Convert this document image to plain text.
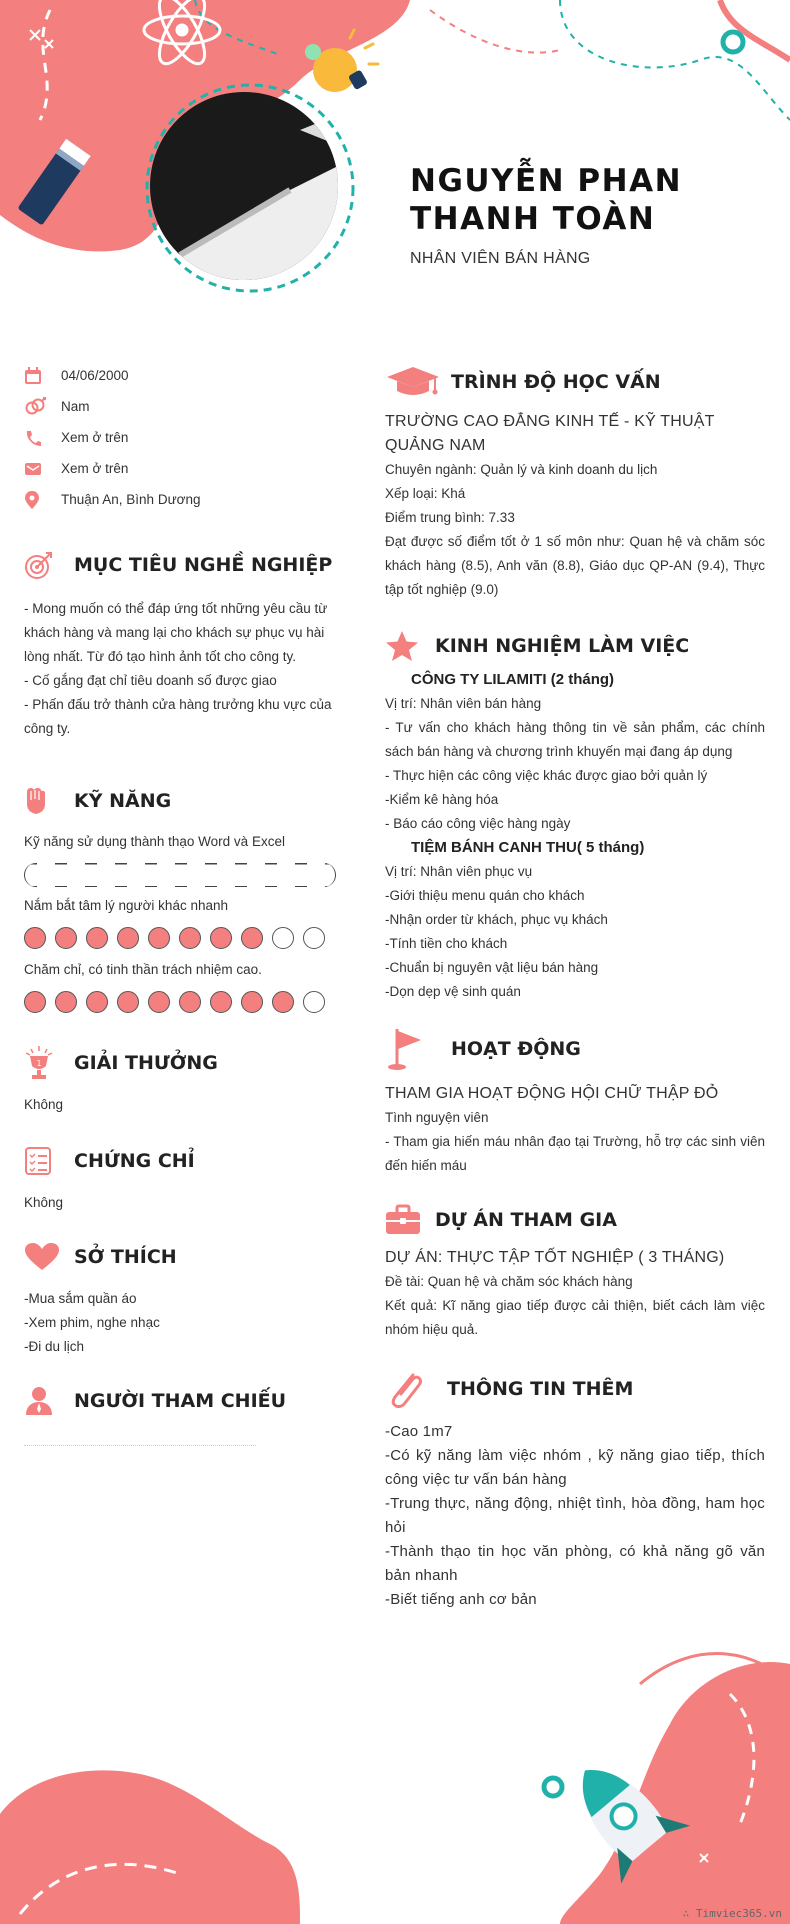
NGUYỄN PHAN
THANH TOÀN
NHÂN VIÊN BÁN HÀNG
04/06/2000
Nam
Xem ở trên
Xem ở trên
Thuận An, Bình Dương
MỤC TIÊU NGHỀ NGHIỆP
- Mong muốn có thể đáp ứng tốt những yêu cầu từ khách hàng và mang lại cho khách sự phục vụ hài lòng nhất. Từ đó tạo hình ảnh tốt cho công ty.
- Cố gắng đạt chỉ tiêu doanh số được giao
- Phấn đấu trở thành cửa hàng trưởng khu vực của công ty.
KỸ NĂNG
Kỹ năng sử dụng thành thạo Word và Excel
Nắm bắt tâm lý người khác nhanh
Chăm chỉ, có tinh thần trách nhiệm cao.
1 GIẢI THƯỞNG
Không
CHỨNG CHỈ
Không
SỞ THÍCH
-Mua sắm quần áo
-Xem phim, nghe nhạc
-Đi du lịch
NGƯỜI THAM CHIẾU
TRÌNH ĐỘ HỌC VẤN
TRƯỜNG CAO ĐẲNG KINH TẾ - KỸ THUẬT QUẢNG NAM
Chuyên ngành: Quản lý và kinh doanh du lịch
Xếp loại: Khá
Điểm trung bình: 7.33
Đạt được số điểm tốt ở 1 số môn như: Quan hệ và chăm sóc khách hàng (8.5), Anh văn (8.8), Giáo dục QP-AN (9.4), Thực tập tốt nghiệp (9.0)
KINH NGHIỆM LÀM VIỆC
CÔNG TY LILAMITI (2 tháng)
Vị trí: Nhân viên bán hàng
- Tư vấn cho khách hàng thông tin về sản phẩm, các chính sách bán hàng và chương trình khuyến mại đang áp dụng
- Thực hiện các công việc khác được giao bởi quản lý
-Kiểm kê hàng hóa
- Báo cáo công việc hàng ngày
TIỆM BÁNH CANH THU( 5 tháng)
Vị trí: Nhân viên phục vụ
-Giới thiệu menu quán cho khách
-Nhận order từ khách, phục vụ khách
-Tính tiền cho khách
-Chuẩn bị nguyên vật liệu bán hàng
-Dọn dẹp vệ sinh quán
HOẠT ĐỘNG
THAM GIA HOẠT ĐỘNG HỘI CHỮ THẬP ĐỎ
Tình nguyện viên
- Tham gia hiến máu nhân đạo tại Trường, hỗ trợ các sinh viên đến hiến máu
DỰ ÁN THAM GIA
DỰ ÁN: THỰC TẬP TỐT NGHIỆP ( 3 THÁNG)
Đề tài: Quan hệ và chăm sóc khách hàng
Kết quả: Kĩ năng giao tiếp được cải thiện, biết cách làm việc nhóm hiệu quả.
THÔNG TIN THÊM
-Cao 1m7
-Có kỹ năng làm việc nhóm , kỹ năng giao tiếp, thích công việc tư vấn bán hàng
-Trung thực, năng động, nhiệt tình, hòa đồng, ham học hỏi
-Thành thạo tin học văn phòng, có khả năng gõ văn bản nhanh
-Biết tiếng anh cơ bản
∴ Timviec365.vn
